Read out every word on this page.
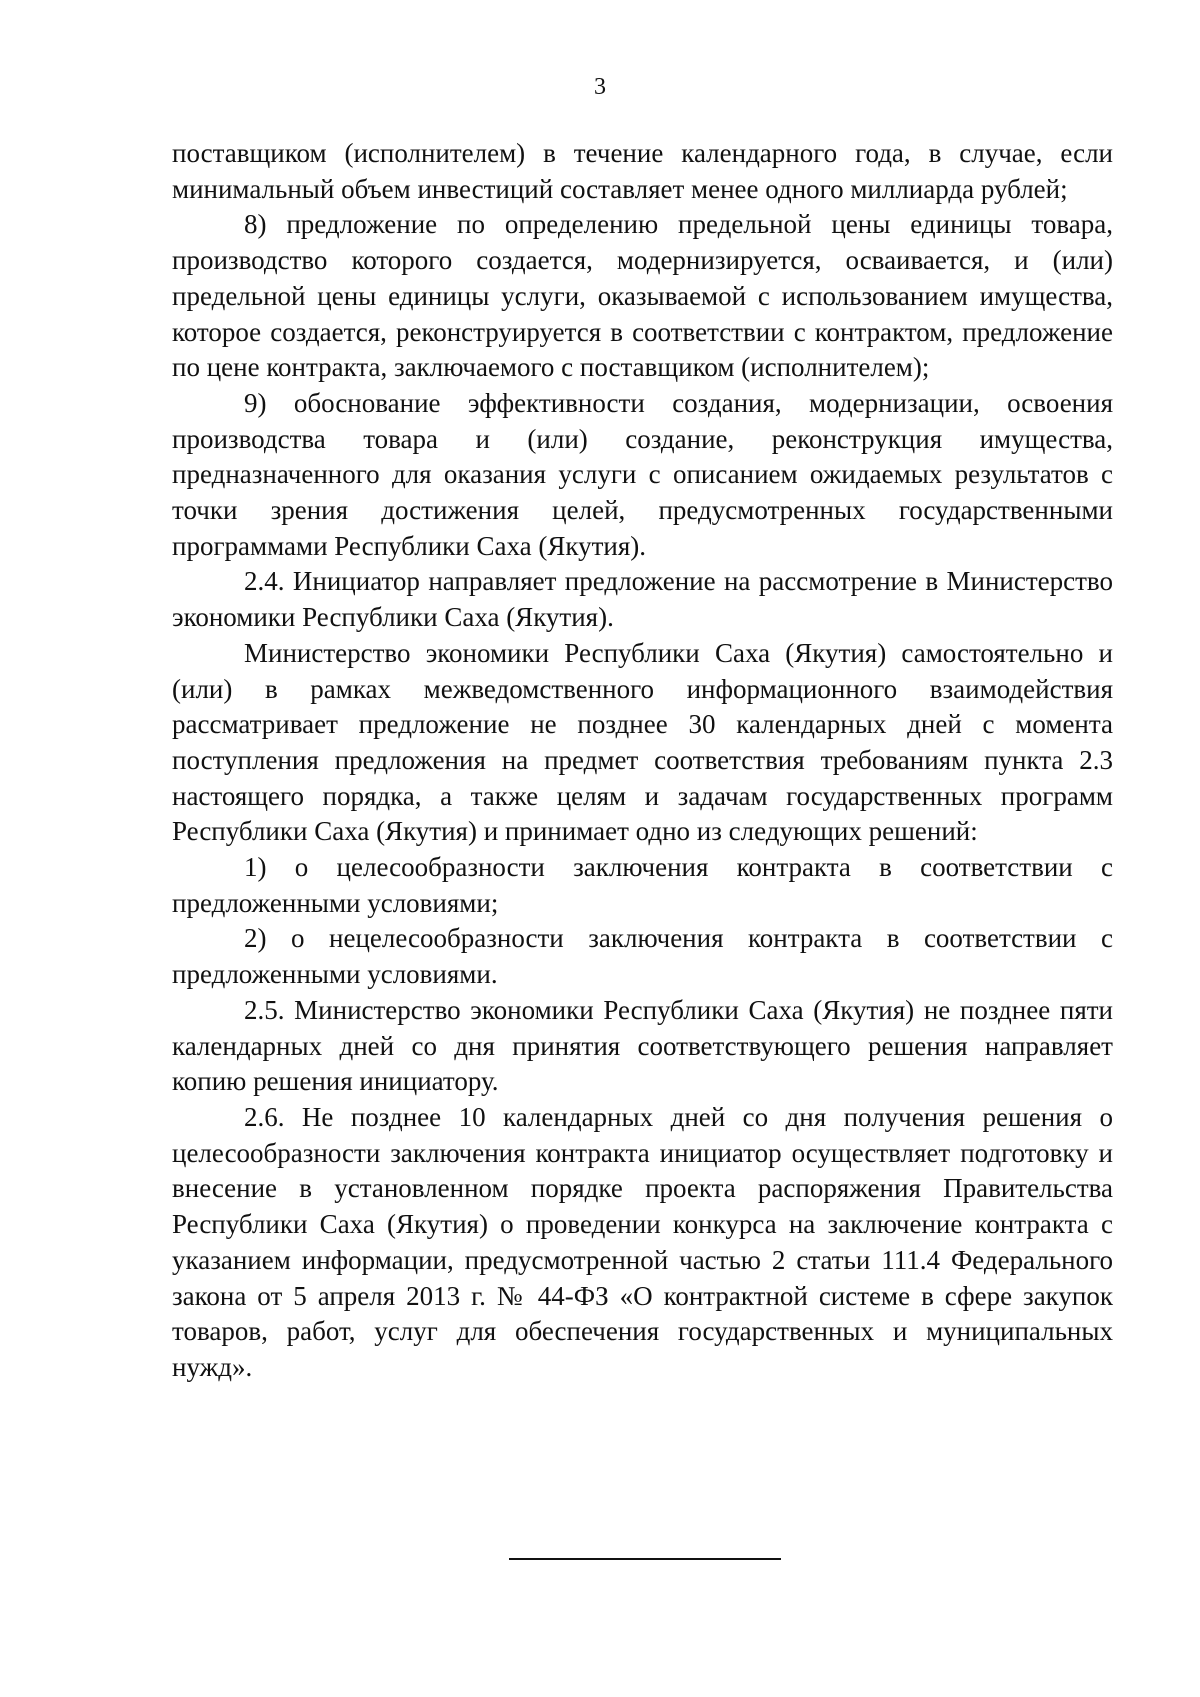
3

поставщиком (исполнителем) в течение календарного года, в случае, если минимальный объем инвестиций составляет менее одного миллиарда рублей;

8) предложение по определению предельной цены единицы товара, производство которого создается, модернизируется, осваивается, и (или) предельной цены единицы услуги, оказываемой с использованием имущества, которое создается, реконструируется в соответствии с контрактом, предложение по цене контракта, заключаемого с поставщиком (исполнителем);

9) обоснование эффективности создания, модернизации, освоения производства товара и (или) создание, реконструкция имущества, предназначенного для оказания услуги с описанием ожидаемых результатов с точки зрения достижения целей, предусмотренных государственными программами Республики Саха (Якутия).

2.4. Инициатор направляет предложение на рассмотрение в Министерство экономики Республики Саха (Якутия).

Министерство экономики Республики Саха (Якутия) самостоятельно и (или) в рамках межведомственного информационного взаимодействия рассматривает предложение не позднее 30 календарных дней с момента поступления предложения на предмет соответствия требованиям пункта 2.3 настоящего порядка, а также целям и задачам государственных программ Республики Саха (Якутия) и принимает одно из следующих решений:

1) о целесообразности заключения контракта в соответствии с предложенными условиями;

2) о нецелесообразности заключения контракта в соответствии с предложенными условиями.

2.5. Министерство экономики Республики Саха (Якутия) не позднее пяти календарных дней со дня принятия соответствующего решения направляет копию решения инициатору.

2.6. Не позднее 10 календарных дней со дня получения решения о целесообразности заключения контракта инициатор осуществляет подготовку и внесение в установленном порядке проекта распоряжения Правительства Республики Саха (Якутия) о проведении конкурса на заключение контракта с указанием информации, предусмотренной частью 2 статьи 111.4 Федерального закона от 5 апреля 2013 г. № 44-ФЗ «О контрактной системе в сфере закупок товаров, работ, услуг для обеспечения государственных и муниципальных нужд».
